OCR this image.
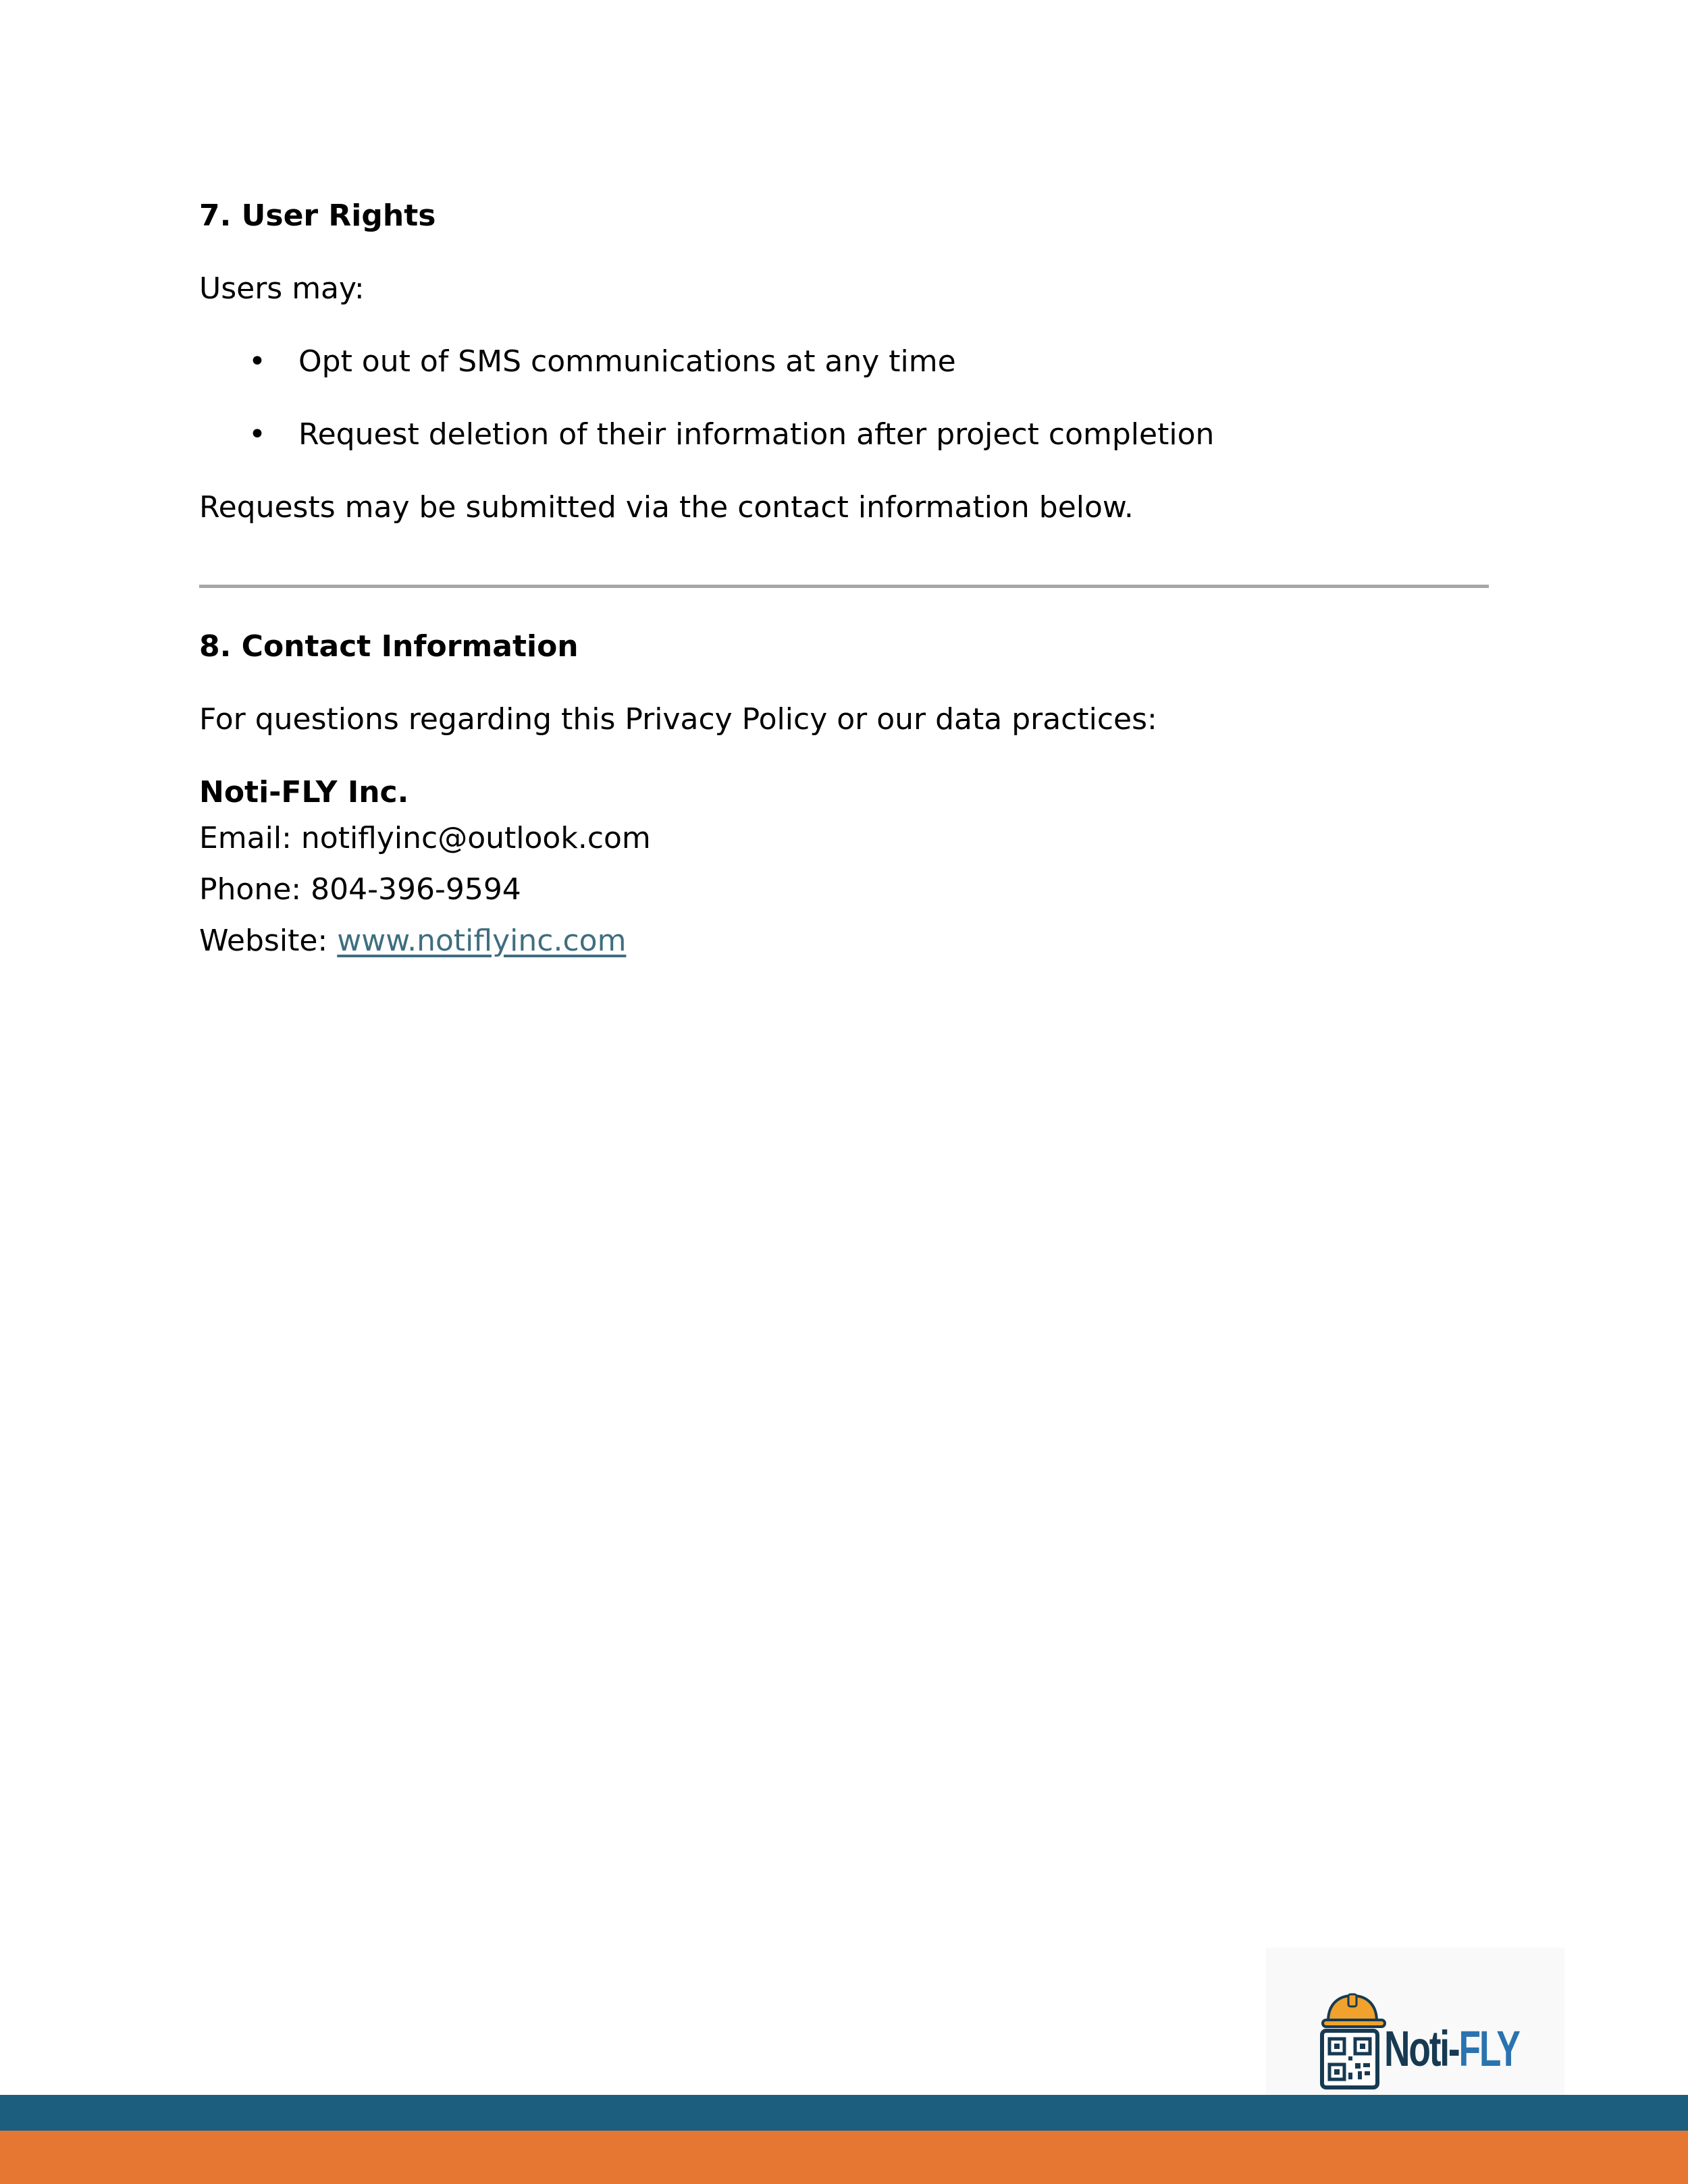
7. User Rights
Users may:
• Opt out of SMS communications at any time
• Request deletion of their information after project completion
Requests may be submitted via the contact information below.
8. Contact Information
For questions regarding this Privacy Policy or our data practices:
Noti-FLY Inc.
Email: notiflyinc@outlook.com
Phone: 804-396-9594
Website: www.notiflyinc.com
Noti-FLY
